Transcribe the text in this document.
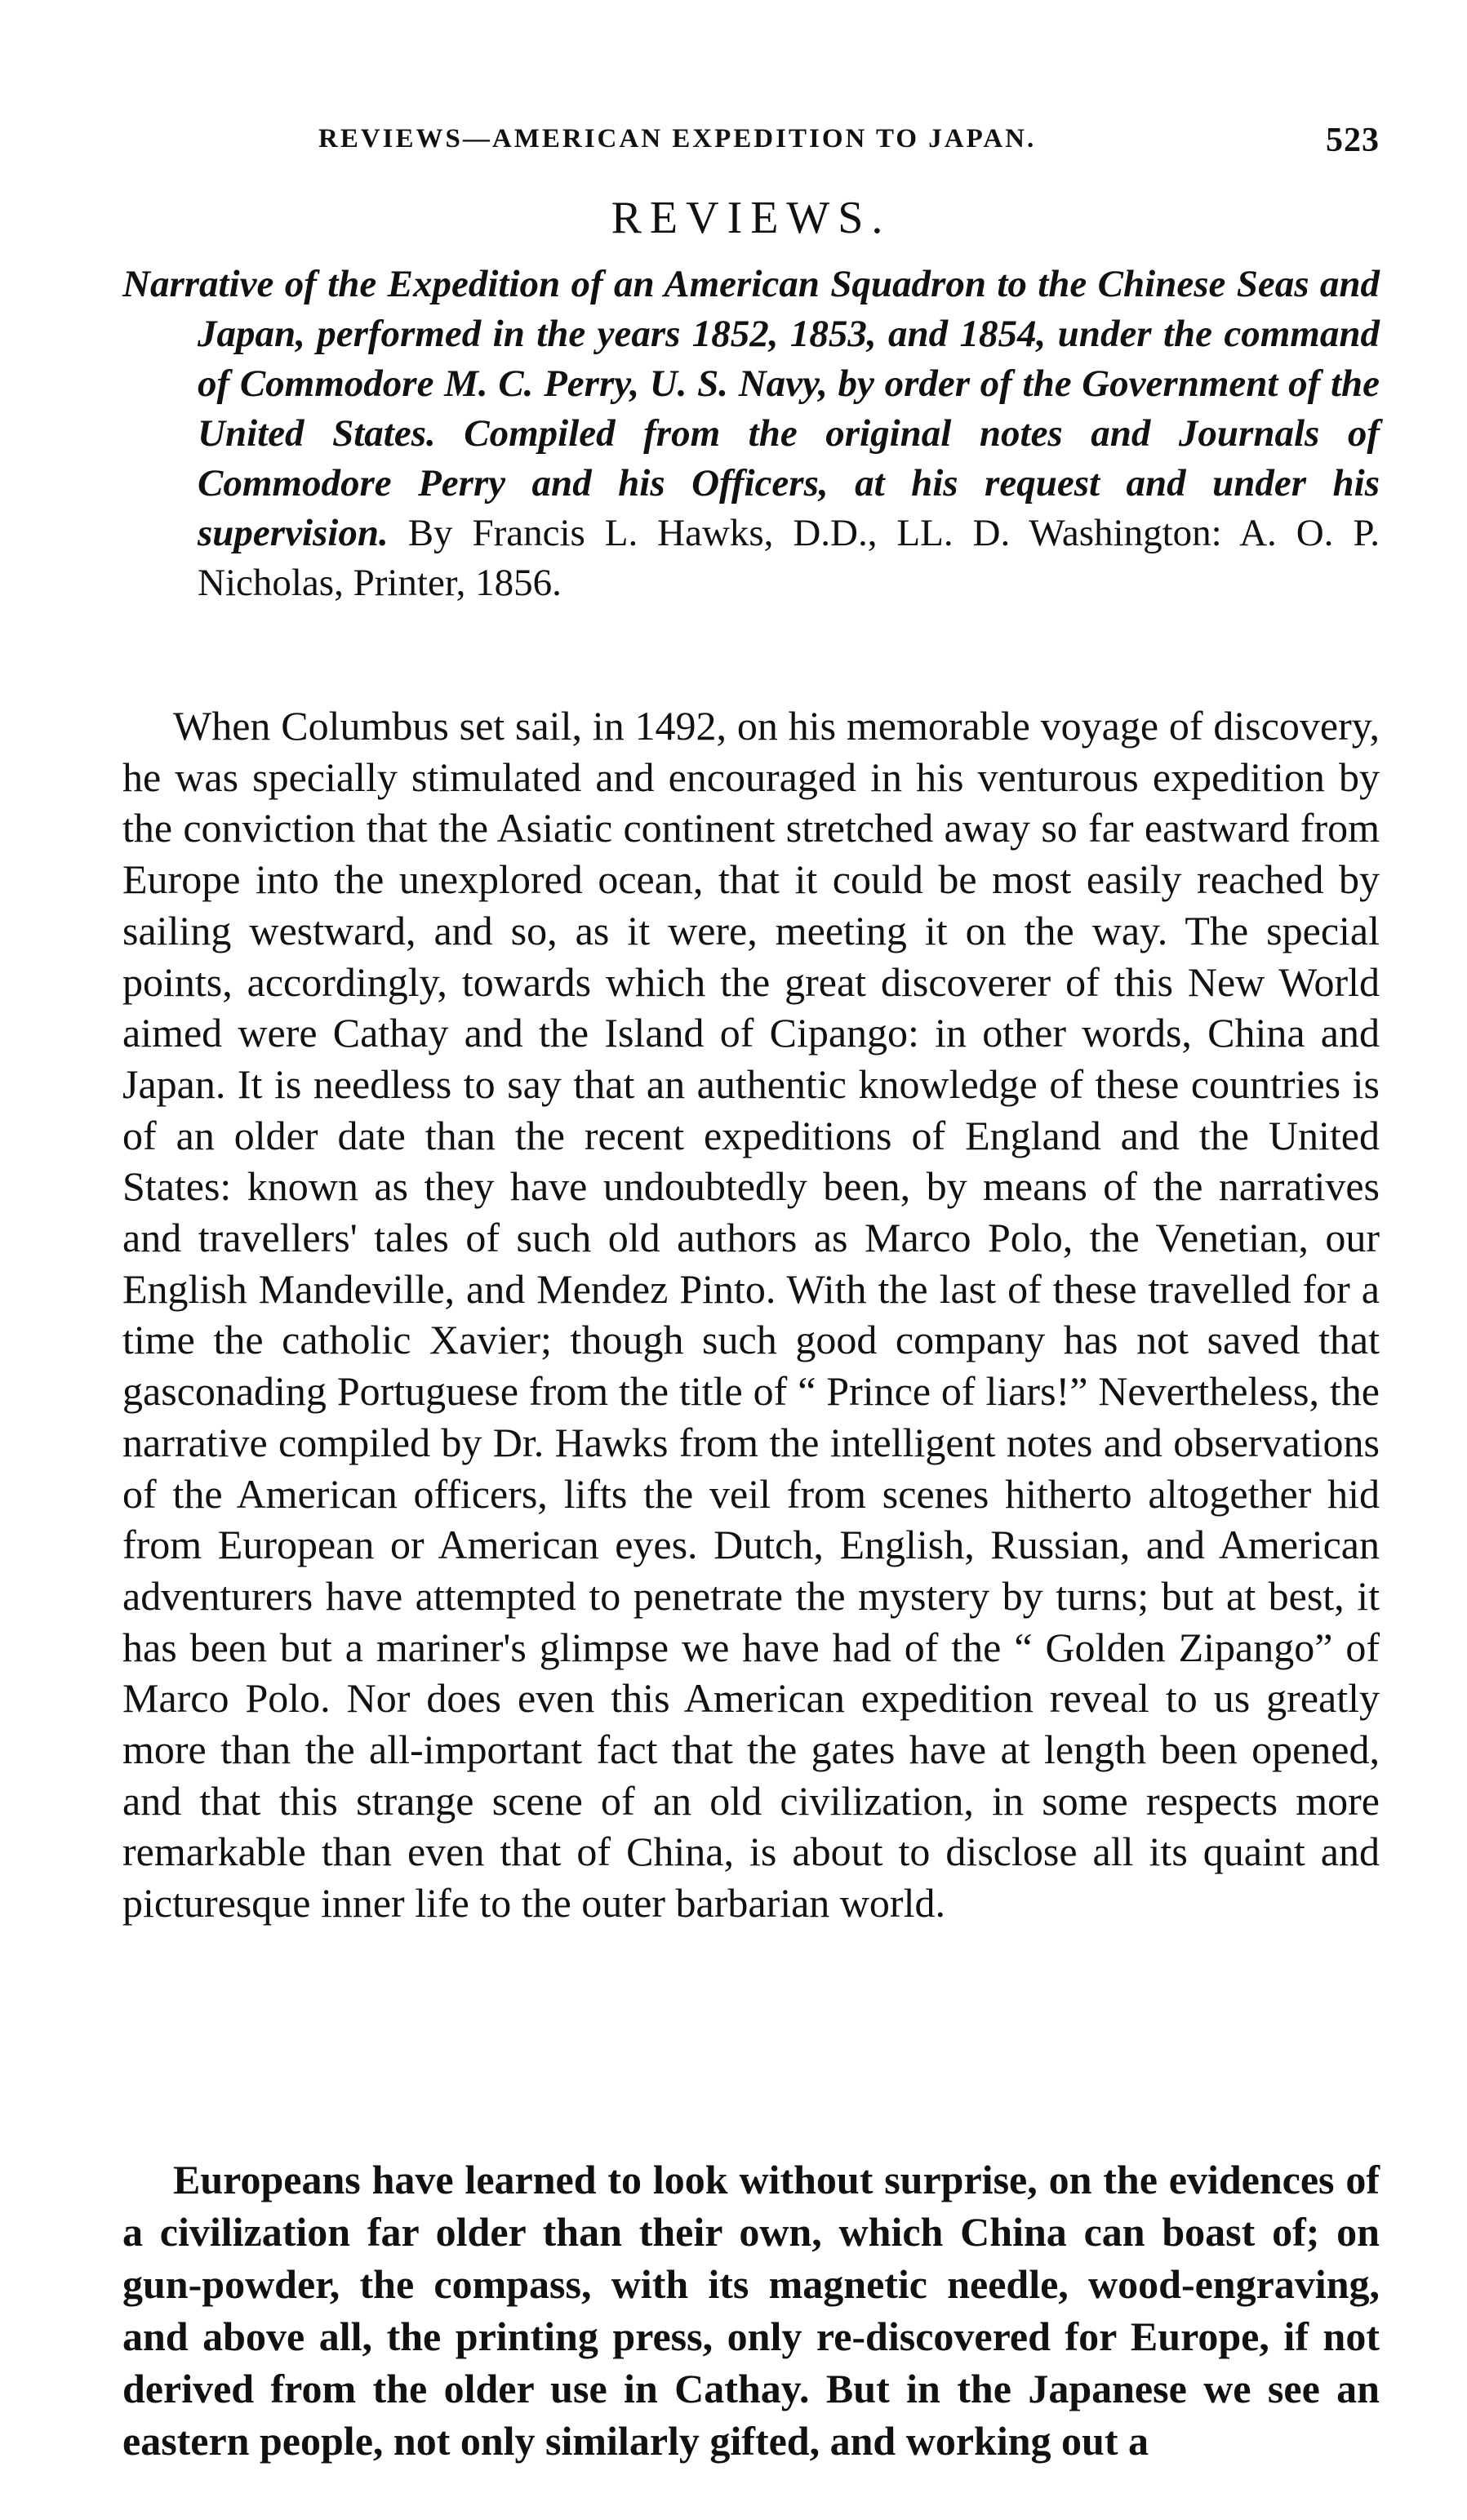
REVIEWS—AMERICAN EXPEDITION TO JAPAN.	523
REVIEWS.
Narrative of the Expedition of an American Squadron to the Chinese Seas and Japan, performed in the years 1852, 1853, and 1854, under the command of Commodore M. C. Perry, U. S. Navy, by order of the Government of the United States. Compiled from the original notes and Journals of Commodore Perry and his Officers, at his request and under his supervision. By Francis L. Hawks, D.D., LL. D. Washington: A. O. P. Nicholas, Printer, 1856.

When Columbus set sail, in 1492, on his memorable voyage of discovery, he was specially stimulated and encouraged in his venturous expedition by the conviction that the Asiatic continent stretched away so far eastward from Europe into the unexplored ocean, that it could be most easily reached by sailing westward, and so, as it were, meeting it on the way. The special points, accordingly, towards which the great discoverer of this New World aimed were Cathay and the Island of Cipango: in other words, China and Japan. It is needless to say that an authentic knowledge of these countries is of an older date than the recent expeditions of England and the United States: known as they have undoubtedly been, by means of the narratives and travellers' tales of such old authors as Marco Polo, the Venetian, our English Mandeville, and Mendez Pinto. With the last of these travelled for a time the catholic Xavier; though such good company has not saved that gasconading Portuguese from the title of “ Prince of liars!” Nevertheless, the narrative compiled by Dr. Hawks from the intelligent notes and observations of the American officers, lifts the veil from scenes hitherto altogether hid from European or American eyes. Dutch, English, Russian, and American adventurers have attempted to penetrate the mystery by turns; but at best, it has been but a mariner's glimpse we have had of the “ Golden Zipango” of Marco Polo. Nor does even this American expedition reveal to us greatly more than the all-important fact that the gates have at length been opened, and that this strange scene of an old civilization, in some respects more remarkable than even that of China, is about to disclose all its quaint and picturesque inner life to the outer barbarian world.

Europeans have learned to look without surprise, on the evidences of a civilization far older than their own, which China can boast of; on gun-powder, the compass, with its magnetic needle, wood-engraving, and above all, the printing press, only re-discovered for Europe, if not derived from the older use in Cathay. But in the Japanese we see an eastern people, not only similarly gifted, and working out a
